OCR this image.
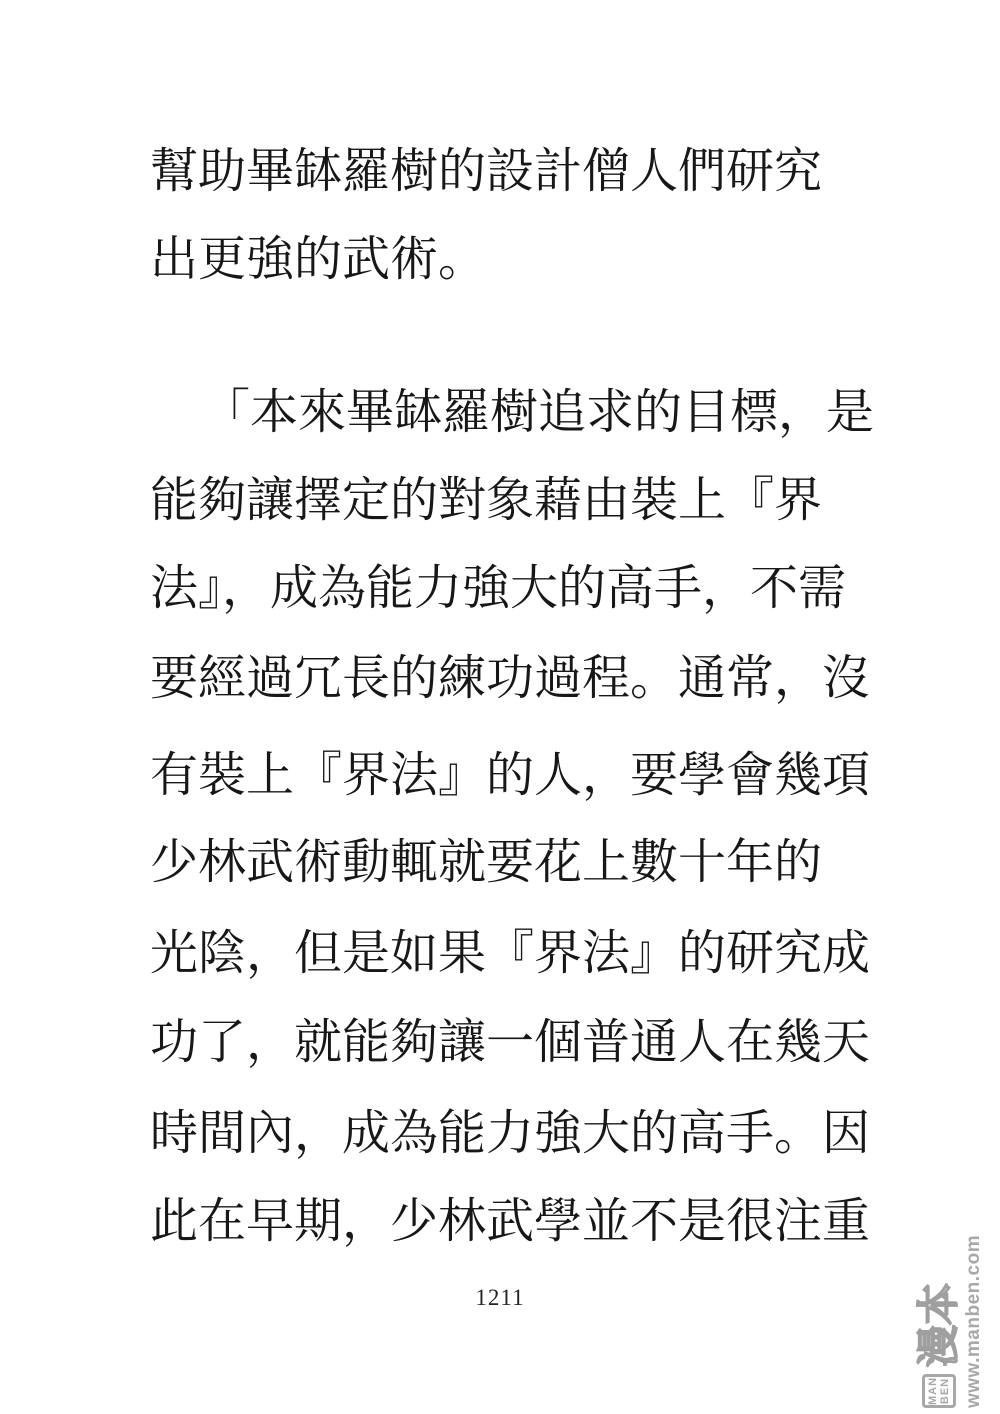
幫助畢缽羅樹的設計僧人們研究
出更強的武術。
「本來畢缽羅樹追求的目標，是
能夠讓擇定的對象藉由裝上『界
法』，成為能力強大的高手，不需
要經過冗長的練功過程。通常，沒
有裝上『界法』的人，要學會幾項
少林武術動輒就要花上數十年的
光陰，但是如果『界法』的研究成
功了，就能夠讓一個普通人在幾天
時間內，成為能力強大的高手。因
此在早期，少林武學並不是很注重
1211
MAN BEN
漫本 www.manben.com
